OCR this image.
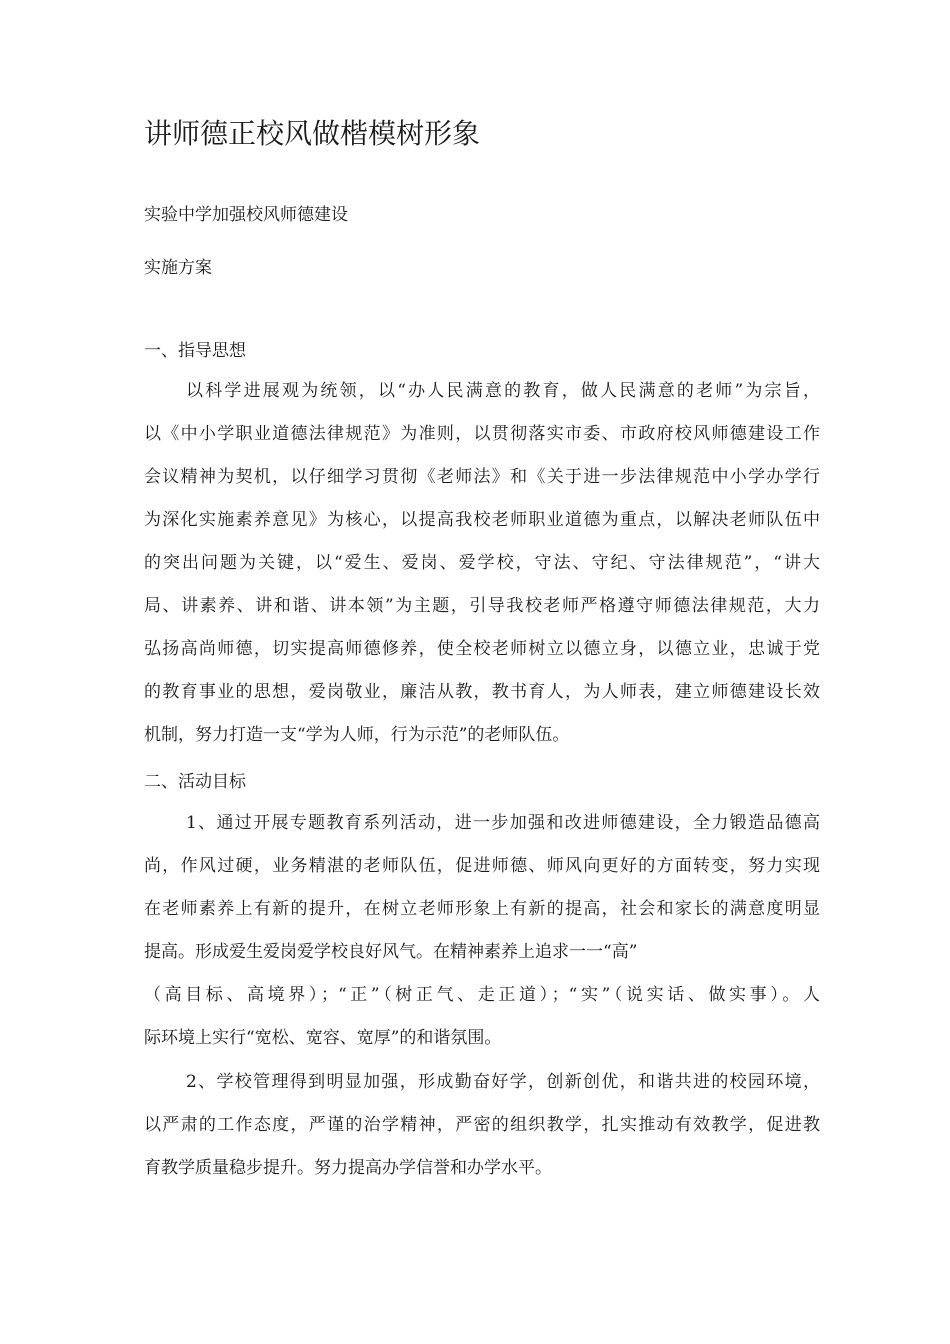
讲师德正校风做楷模树形象

实验中学加强校风师德建设

实施方案

一、指导思想

以科学进展观为统领，以“办人民满意的教育，做人民满意的老师”为宗旨，
以《中小学职业道德法律规范》为准则，以贯彻落实市委、市政府校风师德建设工作
会议精神为契机，以仔细学习贯彻《老师法》和《关于进一步法律规范中小学办学行
为深化实施素养意见》为核心，以提高我校老师职业道德为重点，以解决老师队伍中
的突出问题为关键，以“爱生、爱岗、爱学校，守法、守纪、守法律规范”，“讲大
局、讲素养、讲和谐、讲本领”为主题，引导我校老师严格遵守师德法律规范，大力
弘扬高尚师德，切实提高师德修养，使全校老师树立以德立身，以德立业，忠诚于党
的教育事业的思想，爱岗敬业，廉洁从教，教书育人，为人师表，建立师德建设长效
机制，努力打造一支“学为人师，行为示范”的老师队伍。

二、活动目标

1、通过开展专题教育系列活动，进一步加强和改进师德建设，全力锻造品德高
尚，作风过硬，业务精湛的老师队伍，促进师德、师风向更好的方面转变，努力实现
在老师素养上有新的提升，在树立老师形象上有新的提高，社会和家长的满意度明显
提高。形成爱生爱岗爱学校良好风气。在精神素养上追求一一“高”
（高目标、高境界）；“正”（树正气、走正道）；“实”（说实话、做实事）。人
际环境上实行“宽松、宽容、宽厚”的和谐氛围。
2、学校管理得到明显加强，形成勤奋好学，创新创优，和谐共进的校园环境，
以严肃的工作态度，严谨的治学精神，严密的组织教学，扎实推动有效教学，促进教
育教学质量稳步提升。努力提高办学信誉和办学水平。
